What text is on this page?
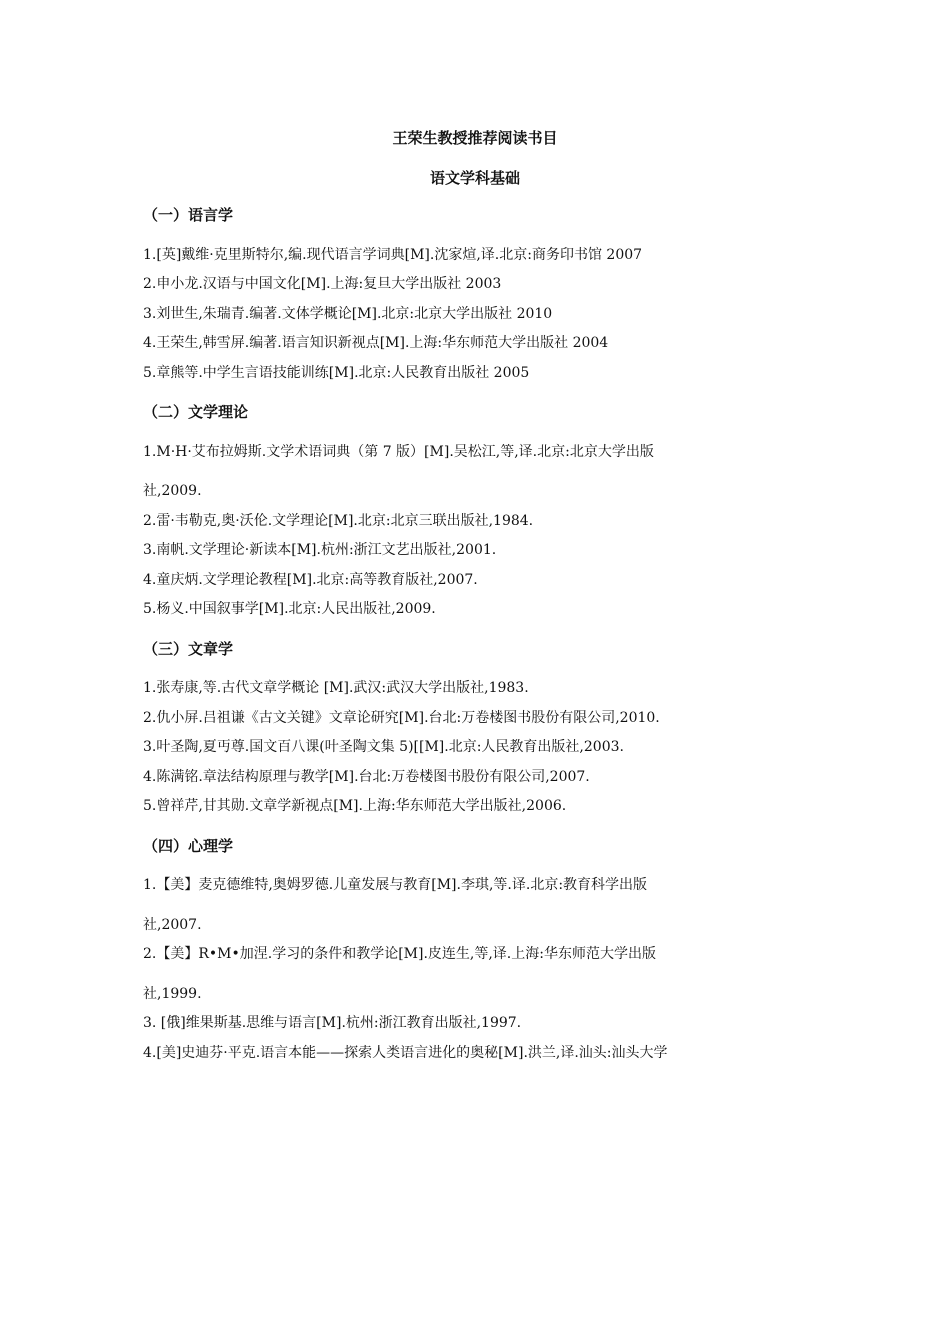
王荣生教授推荐阅读书目
语文学科基础
（一）语言学
1.[英]戴维·克里斯特尔,编.现代语言学词典[M].沈家煊,译.北京:商务印书馆 2007
2.申小龙.汉语与中国文化[M].上海:复旦大学出版社 2003
3.刘世生,朱瑞青.编著.文体学概论[M].北京:北京大学出版社 2010
4.王荣生,韩雪屏.编著.语言知识新视点[M].上海:华东师范大学出版社 2004
5.章熊等.中学生言语技能训练[M].北京:人民教育出版社 2005
（二）文学理论
1.M·H·艾布拉姆斯.文学术语词典（第 7 版）[M].吴松江,等,译.北京:北京大学出版
社,2009.
2.雷·韦勒克,奥·沃伦.文学理论[M].北京:北京三联出版社,1984.
3.南帆.文学理论·新读本[M].杭州:浙江文艺出版社,2001.
4.童庆炳.文学理论教程[M].北京:高等教育版社,2007.
5.杨义.中国叙事学[M].北京:人民出版社,2009.
（三）文章学
1.张寿康,等.古代文章学概论 [M].武汉:武汉大学出版社,1983.
2.仇小屏.吕祖谦《古文关键》文章论研究[M].台北:万卷楼图书股份有限公司,2010.
3.叶圣陶,夏丏尊.国文百八课(叶圣陶文集 5)[[M].北京:人民教育出版社,2003.
4.陈满铭.章法结构原理与教学[M].台北:万卷楼图书股份有限公司,2007.
5.曾祥芹,甘其勋.文章学新视点[M].上海:华东师范大学出版社,2006.
（四）心理学
1.【美】麦克德维特,奥姆罗德.儿童发展与教育[M].李琪,等.译.北京:教育科学出版
社,2007.
2.【美】R•M•加涅.学习的条件和教学论[M].皮连生,等,译.上海:华东师范大学出版
社,1999.
3. [俄]维果斯基.思维与语言[M].杭州:浙江教育出版社,1997.
4.[美]史迪芬·平克.语言本能——探索人类语言进化的奥秘[M].洪兰,译.汕头:汕头大学
